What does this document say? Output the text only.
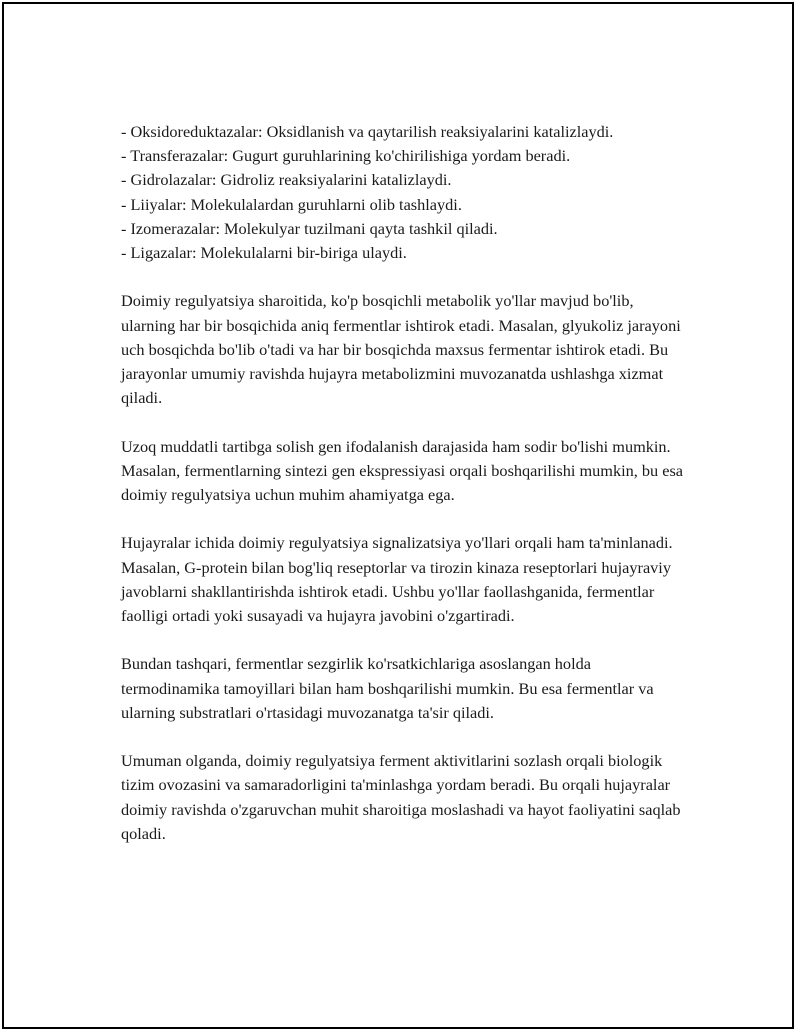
- Oksidoreduktazalar: Oksidlanish va qaytarilish reaksiyalarini katalizlaydi.
- Transferazalar: Gugurt guruhlarining ko'chirilishiga yordam beradi.
- Gidrolazalar: Gidroliz reaksiyalarini katalizlaydi.
- Liiyalar: Molekulalardan guruhlarni olib tashlaydi.
- Izomerazalar: Molekulyar tuzilmani qayta tashkil qiladi.
- Ligazalar: Molekulalarni bir-biriga ulaydi.

Doimiy regulyatsiya sharoitida, ko'p bosqichli metabolik yo'llar mavjud bo'lib, ularning har bir bosqichida aniq fermentlar ishtirok etadi. Masalan, glyukoliz jarayoni uch bosqichda bo'lib o'tadi va har bir bosqichda maxsus fermentar ishtirok etadi. Bu jarayonlar umumiy ravishda hujayra metabolizmini muvozanatda ushlashga xizmat qiladi.

Uzoq muddatli tartibga solish gen ifodalanish darajasida ham sodir bo'lishi mumkin. Masalan, fermentlarning sintezi gen ekspressiyasi orqali boshqarilishi mumkin, bu esa doimiy regulyatsiya uchun muhim ahamiyatga ega.

Hujayralar ichida doimiy regulyatsiya signalizatsiya yo'llari orqali ham ta'minlanadi. Masalan, G-protein bilan bog'liq reseptorlar va tirozin kinaza reseptorlari hujayraviy javoblarni shakllantirishda ishtirok etadi. Ushbu yo'llar faollashganida, fermentlar faolligi ortadi yoki susayadi va hujayra javobini o'zgartiradi.

Bundan tashqari, fermentlar sezgirlik ko'rsatkichlariga asoslangan holda termodinamika tamoyillari bilan ham boshqarilishi mumkin. Bu esa fermentlar va ularning substratlari o'rtasidagi muvozanatga ta'sir qiladi.

Umuman olganda, doimiy regulyatsiya ferment aktivitlarini sozlash orqali biologik tizim ovozasini va samaradorligini ta'minlashga yordam beradi. Bu orqali hujayralar doimiy ravishda o'zgaruvchan muhit sharoitiga moslashadi va hayot faoliyatini saqlab qoladi.
